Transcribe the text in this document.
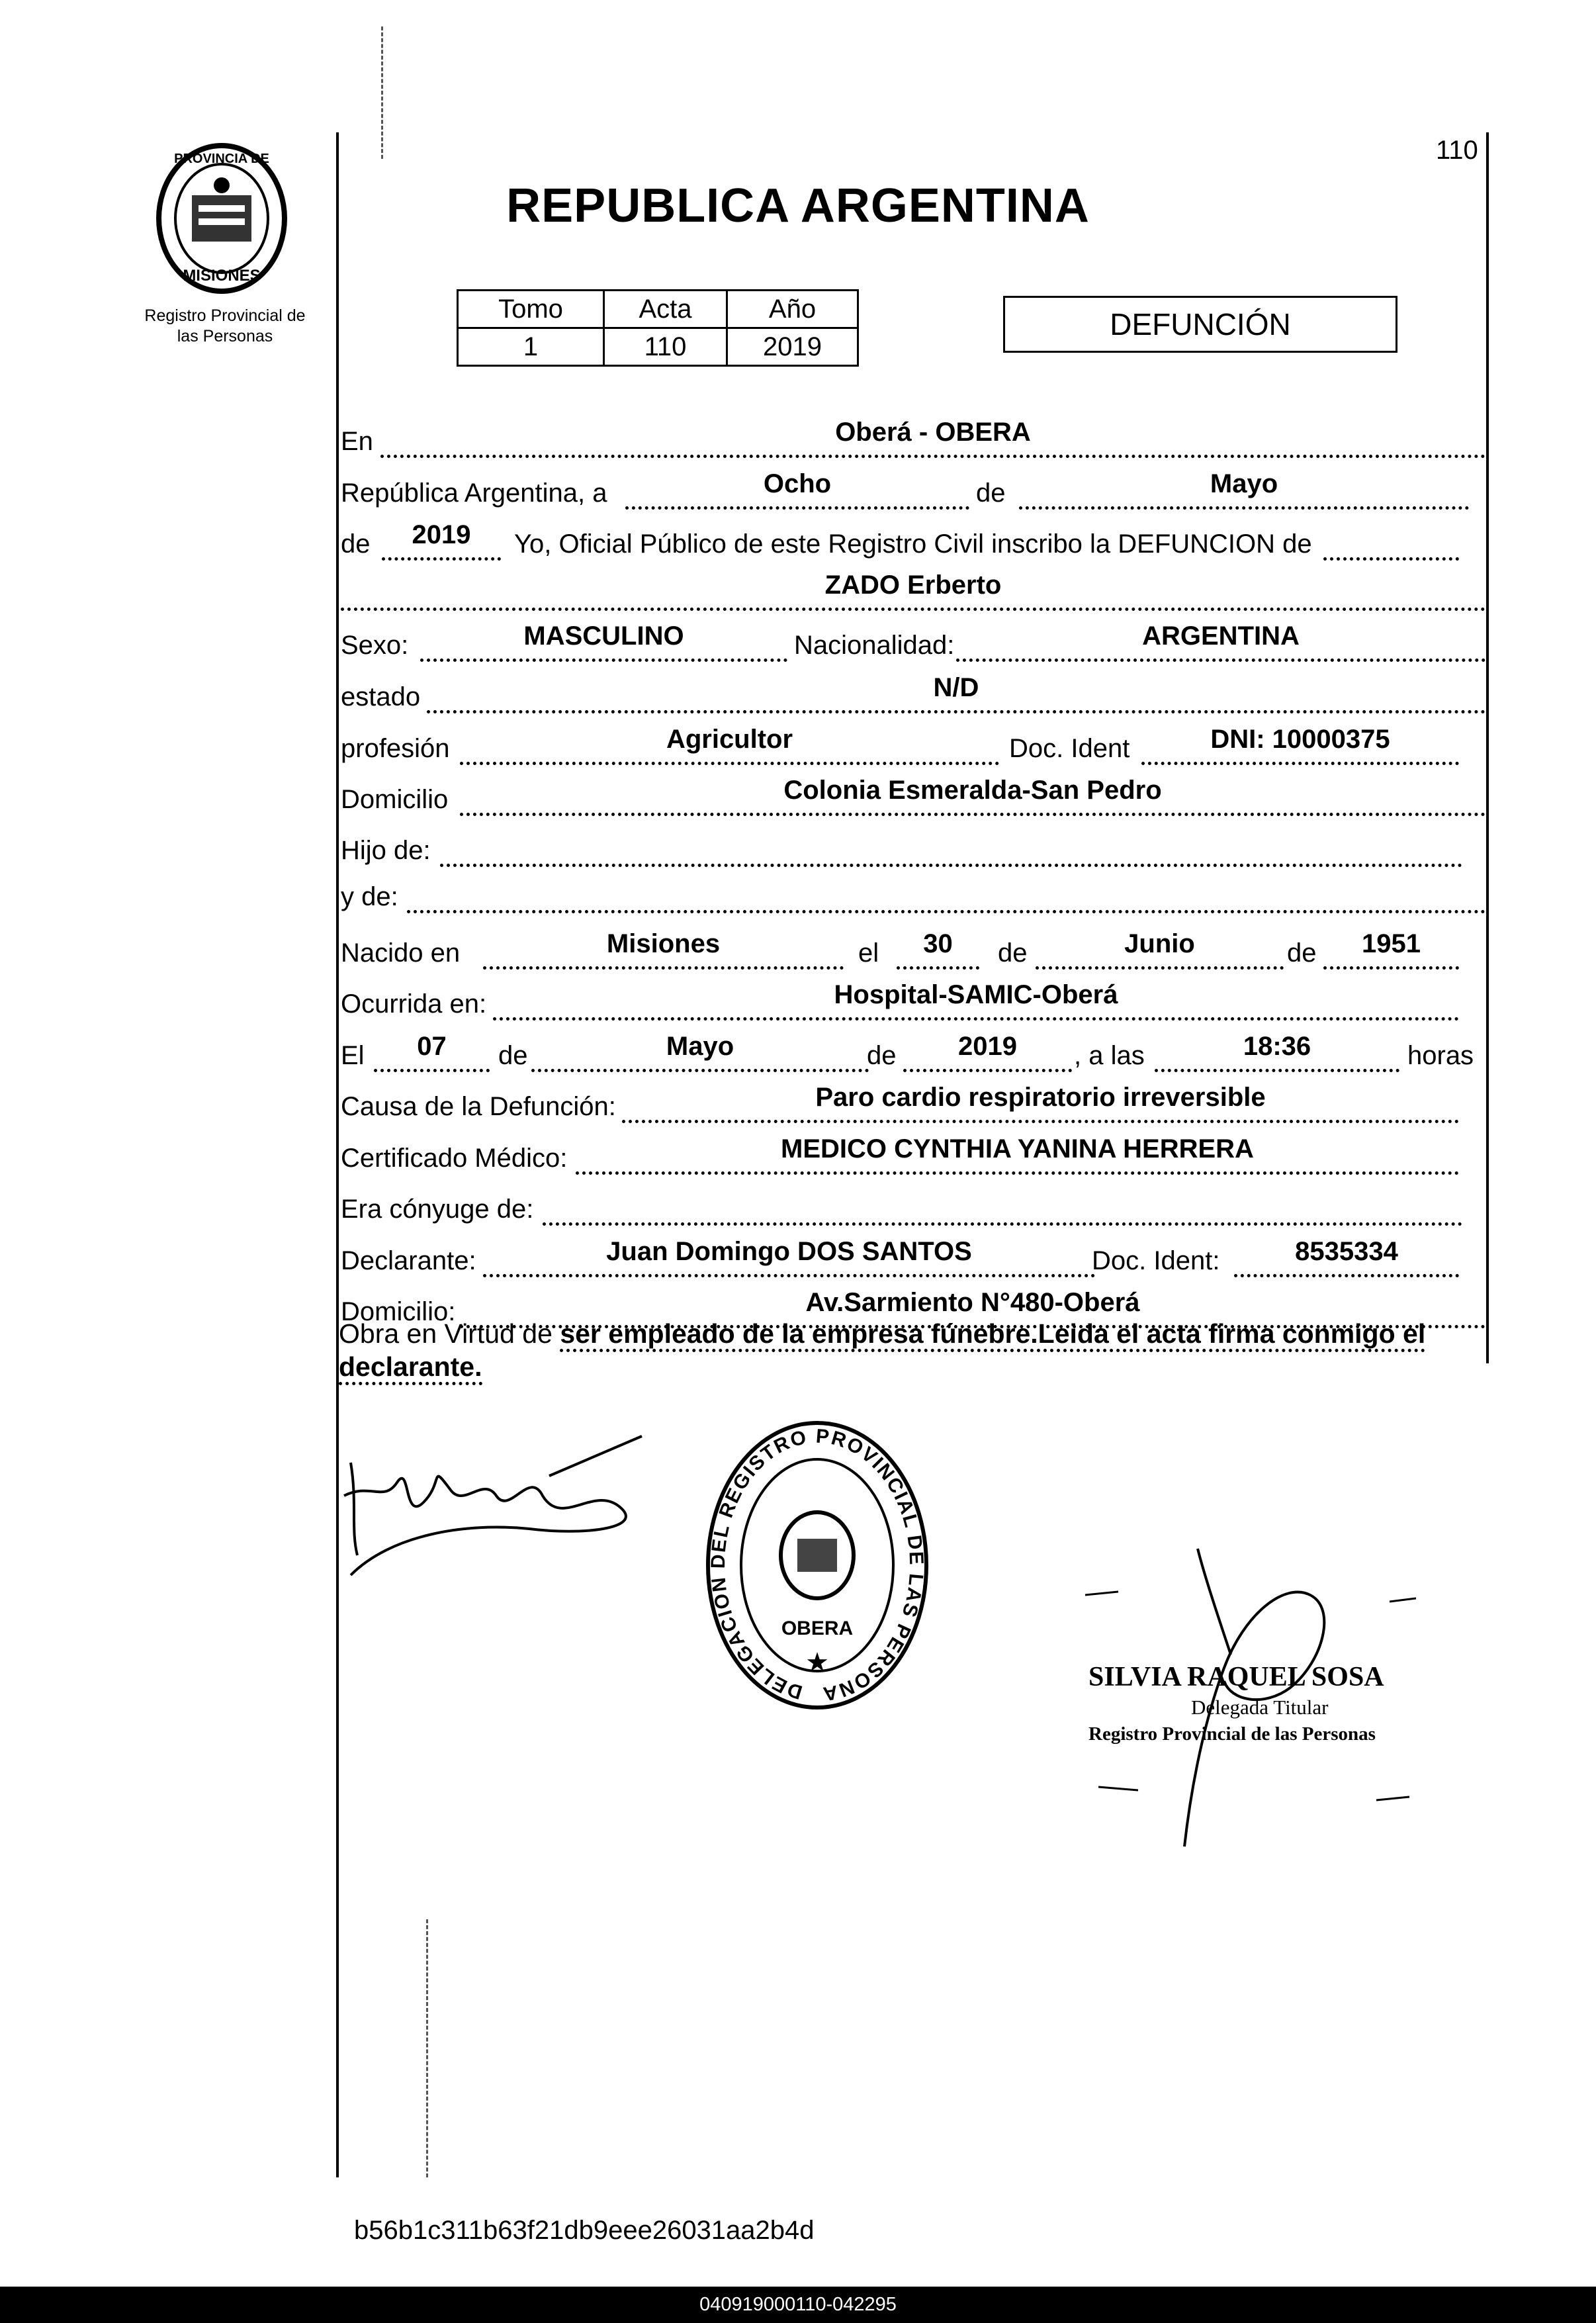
110
PROVINCIA DE
MISIONES
Registro Provincial de
las Personas
REPUBLICA ARGENTINA
Tomo	Acta	Año
1	110	2019
DEFUNCIÓN
En	Oberá - OBERA
República Argentina, a	Ocho	de	Mayo
de	2019	Yo, Oficial Público de este Registro Civil inscribo la DEFUNCION de
ZADO Erberto
Sexo:	MASCULINO	Nacionalidad:	ARGENTINA
estado	N/D
profesión	Agricultor	Doc. Ident	DNI: 10000375
Domicilio	Colonia Esmeralda-San Pedro
Hijo de:
y de:
Nacido en	Misiones	el	30	de	Junio	de	1951
Ocurrida en:	Hospital-SAMIC-Oberá
El	07	de	Mayo	de	2019	, a las	18:36	horas
Causa de la Defunción:	Paro cardio respiratorio irreversible
Certificado Médico:	MEDICO CYNTHIA YANINA HERRERA
Era cónyuge de:
Declarante:	Juan Domingo DOS SANTOS	Doc. Ident:	8535334
Domicilio:	Av.Sarmiento N°480-Oberá
Obra en Virtud de ser empleado de la empresa fúnebre.Leida el acta firma conmigo el declarante.
DELEGACION DEL REGISTRO PROVINCIAL DE LAS PERSONA
OBERA
★	SILVIA RAQUEL SOSA
Delegada Titular
Registro Provincial de las Personas
b56b1c311b63f21db9eee26031aa2b4d
040919000110-042295
